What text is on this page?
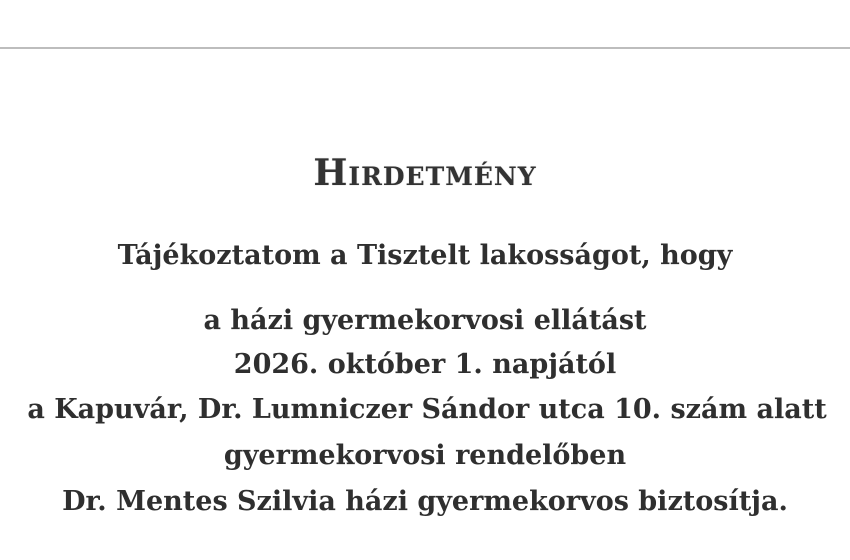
Hirdetmény
Tájékoztatom a Tisztelt lakosságot, hogy
a házi gyermekorvosi ellátást
2026. október 1. napjától
a Kapuvár, Dr. Lumniczer Sándor utca 10. szám alatt
gyermekorvosi rendelőben
Dr. Mentes Szilvia házi gyermekorvos biztosítja.
